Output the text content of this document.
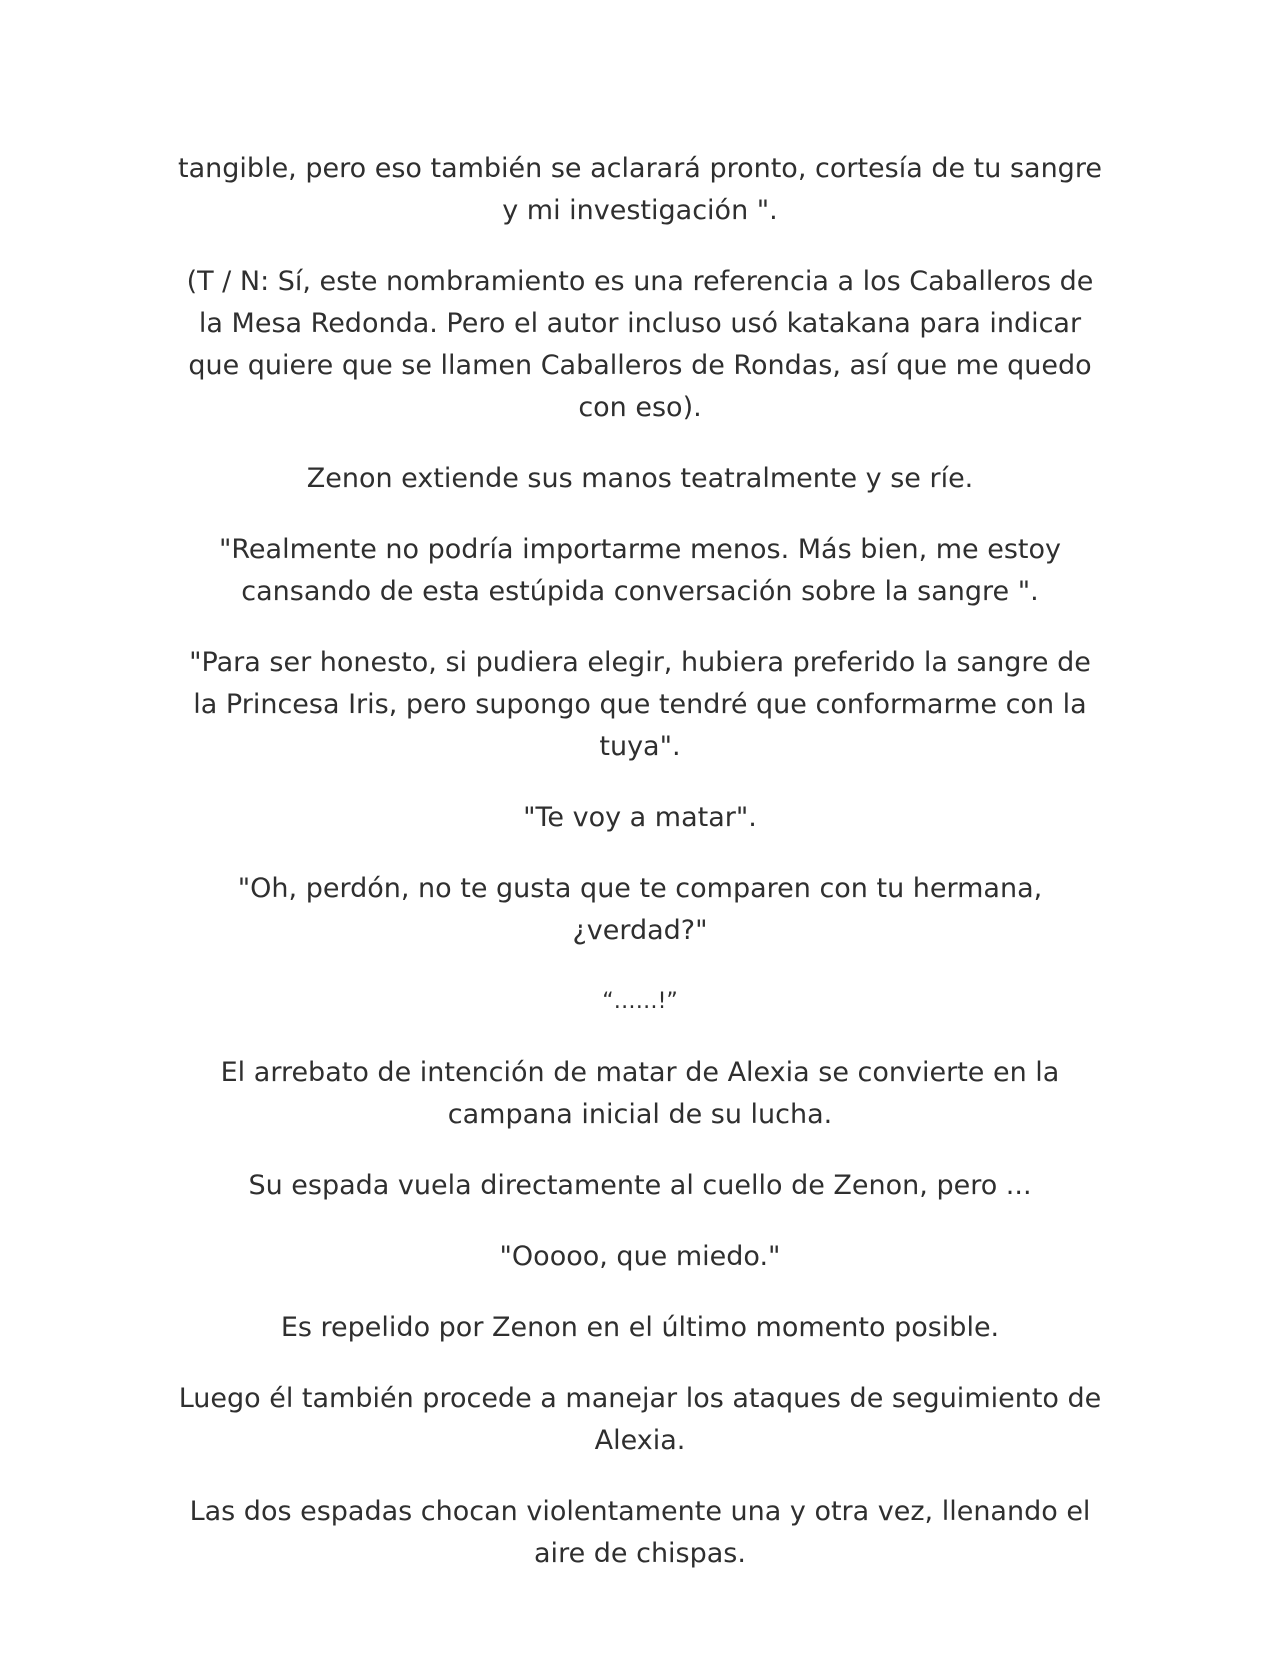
tangible, pero eso también se aclarará pronto, cortesía de tu sangre y mi investigación ".

(T / N: Sí, este nombramiento es una referencia a los Caballeros de la Mesa Redonda. Pero el autor incluso usó katakana para indicar que quiere que se llamen Caballeros de Rondas, así que me quedo con eso).

Zenon extiende sus manos teatralmente y se ríe.

"Realmente no podría importarme menos. Más bien, me estoy cansando de esta estúpida conversación sobre la sangre ".

"Para ser honesto, si pudiera elegir, hubiera preferido la sangre de la Princesa Iris, pero supongo que tendré que conformarme con la tuya".

"Te voy a matar".

"Oh, perdón, no te gusta que te comparen con tu hermana, ¿verdad?"

“……!”

El arrebato de intención de matar de Alexia se convierte en la campana inicial de su lucha.

Su espada vuela directamente al cuello de Zenon, pero ...

"Ooooo, que miedo."

Es repelido por Zenon en el último momento posible.

Luego él también procede a manejar los ataques de seguimiento de Alexia.

Las dos espadas chocan violentamente una y otra vez, llenando el aire de chispas.
